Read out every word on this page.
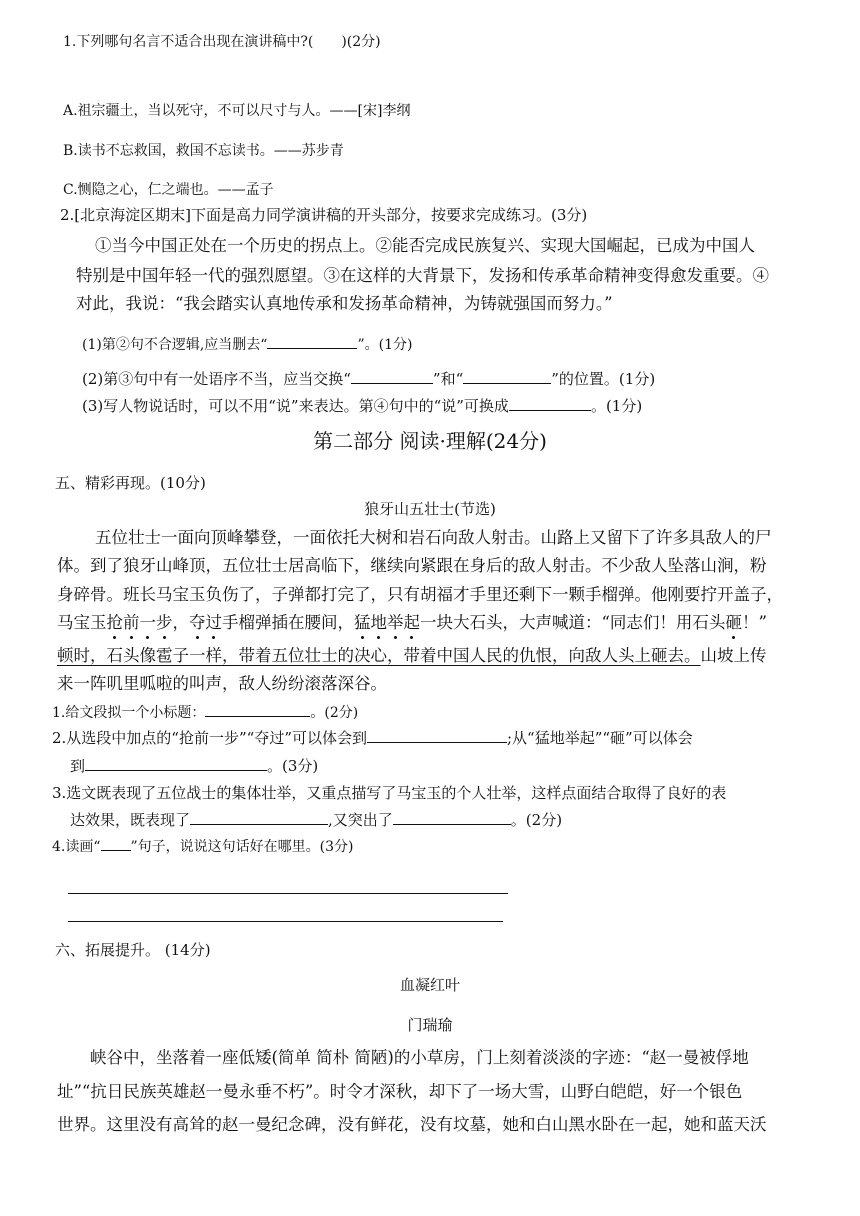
1.下列哪句名言不适合出现在演讲稿中?(　　)(2分)
A.祖宗疆土，当以死守，不可以尺寸与人。——[宋]李纲
B.读书不忘救国，救国不忘读书。——苏步青
C.恻隐之心，仁之端也。——孟子
2.[北京海淀区期末]下面是高力同学演讲稿的开头部分，按要求完成练习。(3分)
①当今中国正处在一个历史的拐点上。②能否完成民族复兴、实现大国崛起，已成为中国人
特别是中国年轻一代的强烈愿望。③在这样的大背景下，发扬和传承革命精神变得愈发重要。④
对此，我说：“我会踏实认真地传承和发扬革命精神，为铸就强国而努力。”
(1)第②句不合逻辑,应当删去“	”。(1分)
(2)第③句中有一处语序不当，应当交换“	”和“	”的位置。(1分)
(3)写人物说话时，可以不用“说”来表达。第④句中的“说”可换成	。(1分)
第二部分 阅读·理解(24分)
五、精彩再现。(10分)
狼牙山五壮士(节选)
五位壮士一面向顶峰攀登，一面依托大树和岩石向敌人射击。山路上又留下了许多具敌人的尸
体。到了狼牙山峰顶，五位壮士居高临下，继续向紧跟在身后的敌人射击。不少敌人坠落山涧，粉
身碎骨。班长马宝玉负伤了，子弹都打完了，只有胡福才手里还剩下一颗手榴弹。他刚要拧开盖子，
马宝玉抢前一步，夺过手榴弹插在腰间，猛地举起一块大石头，大声喊道：“同志们！用石头砸！”
顿时，石头像雹子一样，带着五位壮士的决心，带着中国人民的仇恨，向敌人头上砸去。山坡上传
来一阵叽里呱啦的叫声，敌人纷纷滚落深谷。
1.给文段拟一个小标题：	。(2分)
2.从选段中加点的“抢前一步”“夺过”可以体会到	;从“猛地举起”“砸”可以体会
到	。(3分)
3.选文既表现了五位战士的集体壮举，又重点描写了马宝玉的个人壮举，这样点面结合取得了良好的表
达效果，既表现了	,又突出了	。(2分)
4.读画“ ”句子，说说这句话好在哪里。(3分)
六、拓展提升。 (14分)
血凝红叶
门瑞瑜
峡谷中，坐落着一座低矮(简单 简朴 简陋)的小草房，门上刻着淡淡的字迹：“赵一曼被俘地
址”“抗日民族英雄赵一曼永垂不朽”。时令才深秋，却下了一场大雪，山野白皑皑，好一个银色
世界。这里没有高耸的赵一曼纪念碑，没有鲜花，没有坟墓，她和白山黑水卧在一起，她和蓝天沃
